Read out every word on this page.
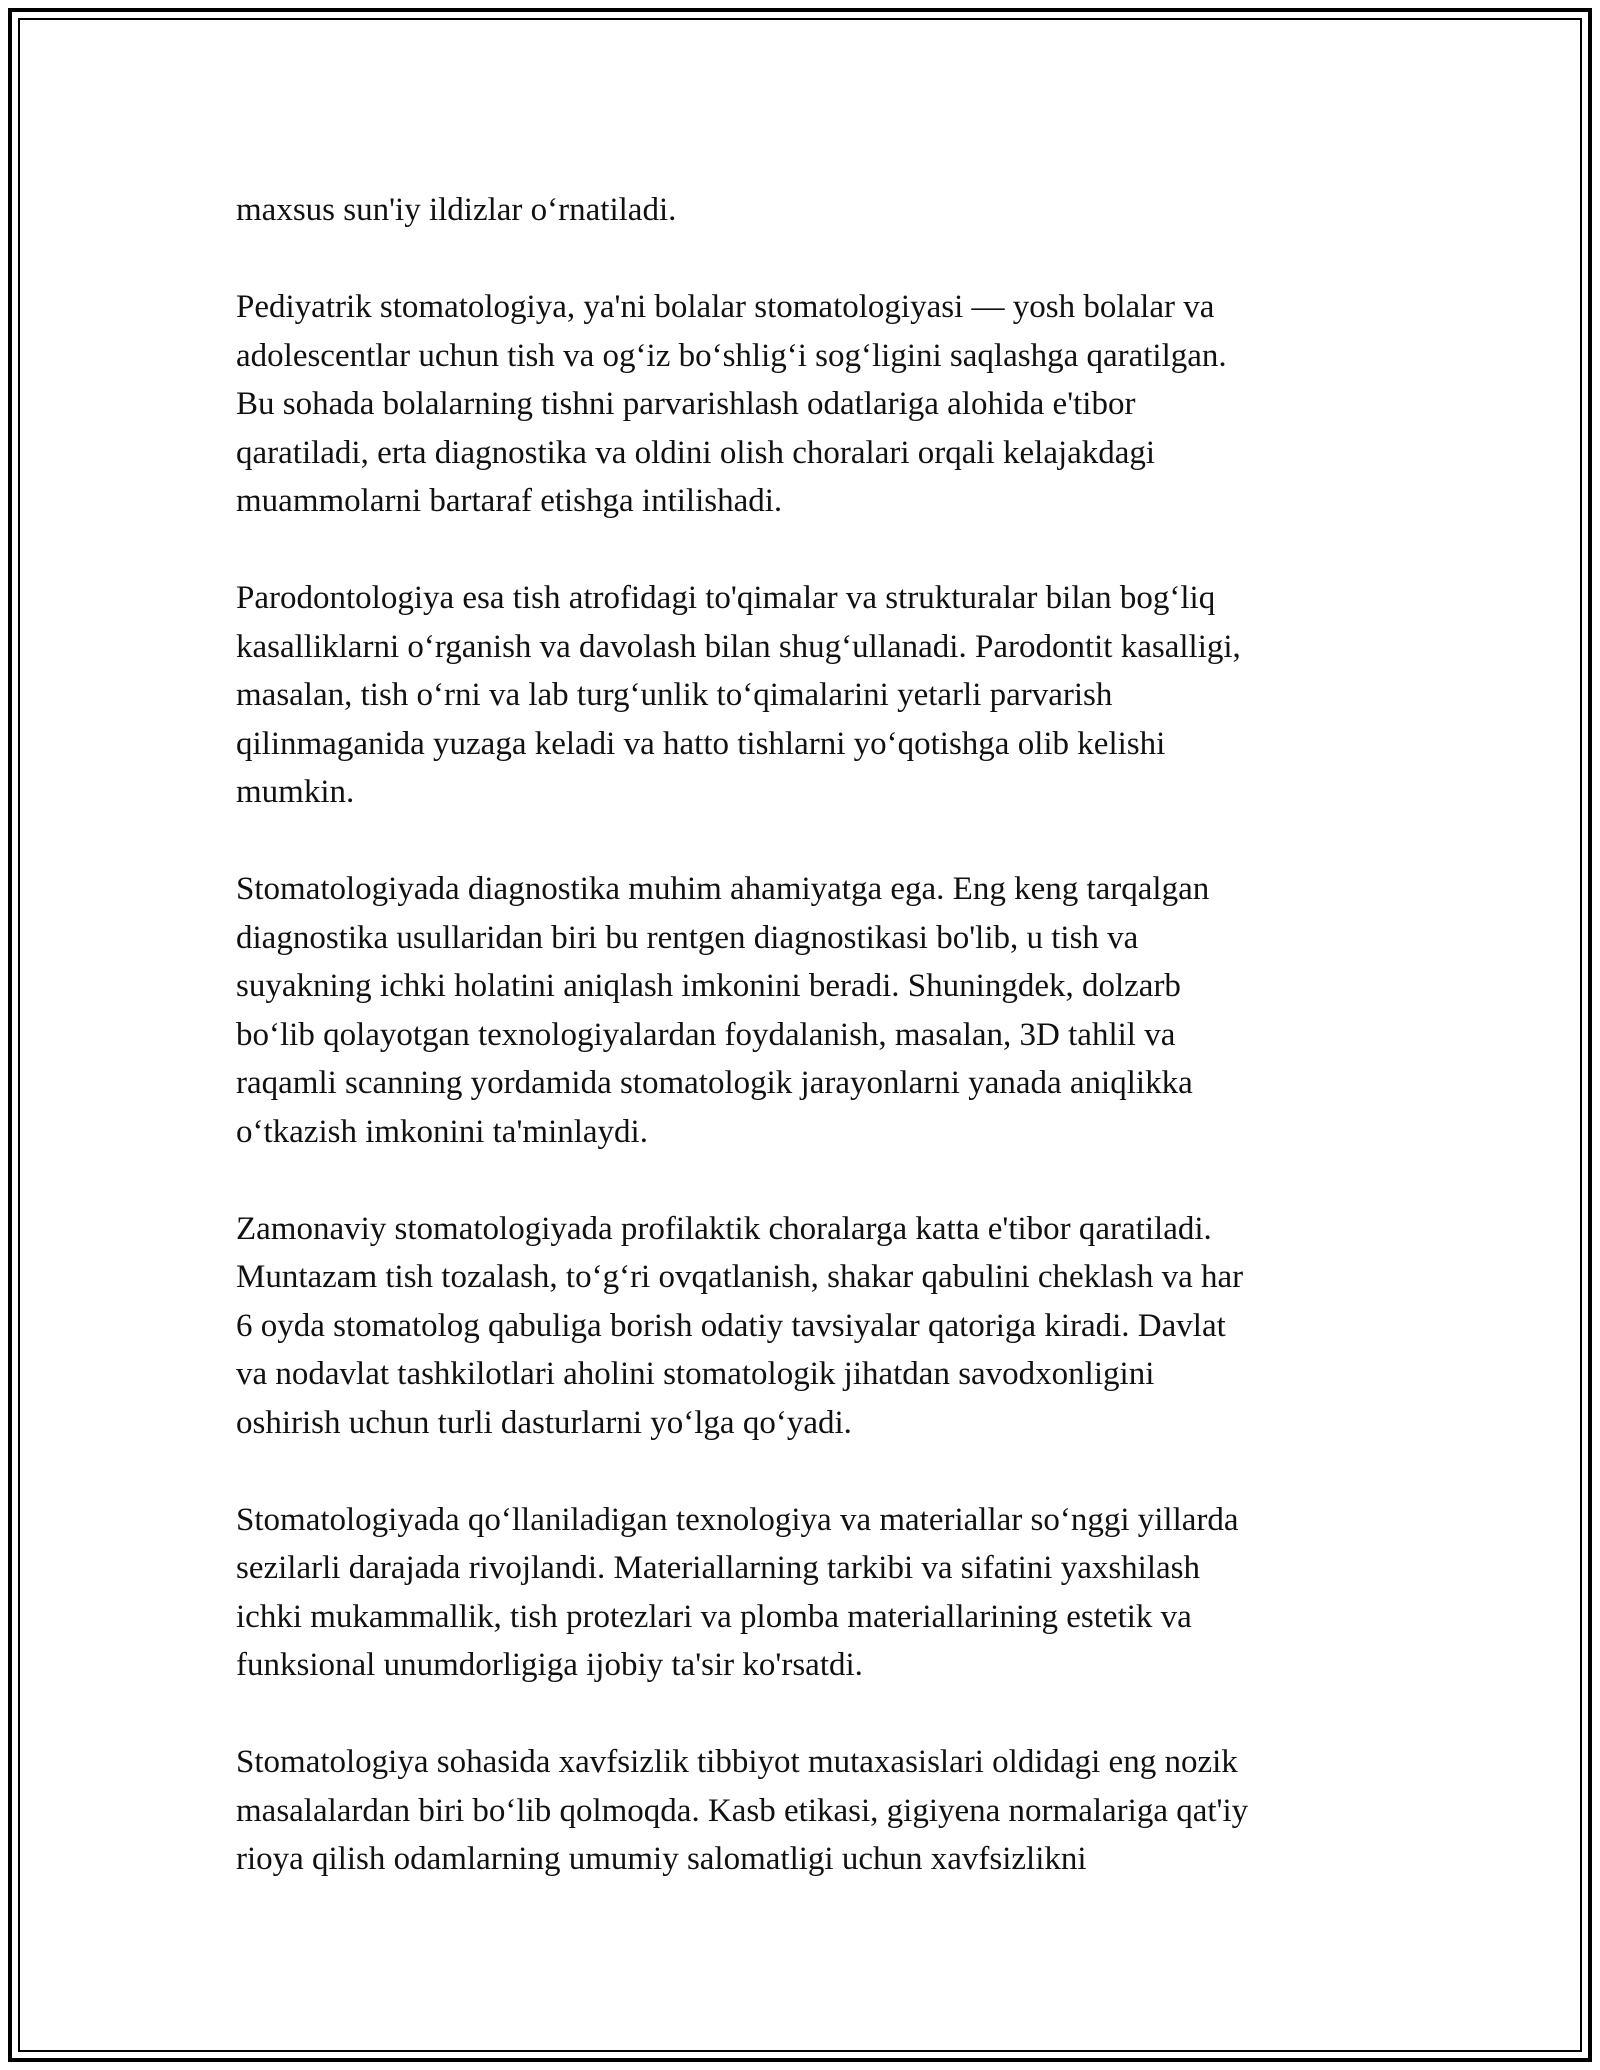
maxsus sun'iy ildizlar o‘rnatiladi.

Pediyatrik stomatologiya, ya'ni bolalar stomatologiyasi — yosh bolalar va
adolescentlar uchun tish va og‘iz bo‘shlig‘i sog‘ligini saqlashga qaratilgan.
Bu sohada bolalarning tishni parvarishlash odatlariga alohida e'tibor
qaratiladi, erta diagnostika va oldini olish choralari orqali kelajakdagi
muammolarni bartaraf etishga intilishadi.

Parodontologiya esa tish atrofidagi to'qimalar va strukturalar bilan bog‘liq
kasalliklarni o‘rganish va davolash bilan shug‘ullanadi. Parodontit kasalligi,
masalan, tish o‘rni va lab turg‘unlik to‘qimalarini yetarli parvarish
qilinmaganida yuzaga keladi va hatto tishlarni yo‘qotishga olib kelishi
mumkin.

Stomatologiyada diagnostika muhim ahamiyatga ega. Eng keng tarqalgan
diagnostika usullaridan biri bu rentgen diagnostikasi bo'lib, u tish va
suyakning ichki holatini aniqlash imkonini beradi. Shuningdek, dolzarb
bo‘lib qolayotgan texnologiyalardan foydalanish, masalan, 3D tahlil va
raqamli scanning yordamida stomatologik jarayonlarni yanada aniqlikka
o‘tkazish imkonini ta'minlaydi.

Zamonaviy stomatologiyada profilaktik choralarga katta e'tibor qaratiladi.
Muntazam tish tozalash, to‘g‘ri ovqatlanish, shakar qabulini cheklash va har
6 oyda stomatolog qabuliga borish odatiy tavsiyalar qatoriga kiradi. Davlat
va nodavlat tashkilotlari aholini stomatologik jihatdan savodxonligini
oshirish uchun turli dasturlarni yo‘lga qo‘yadi.

Stomatologiyada qo‘llaniladigan texnologiya va materiallar so‘nggi yillarda
sezilarli darajada rivojlandi. Materiallarning tarkibi va sifatini yaxshilash
ichki mukammallik, tish protezlari va plomba materiallarining estetik va
funksional unumdorligiga ijobiy ta'sir ko'rsatdi.

Stomatologiya sohasida xavfsizlik tibbiyot mutaxasislari oldidagi eng nozik
masalalardan biri bo‘lib qolmoqda. Kasb etikasi, gigiyena normalariga qat'iy
rioya qilish odamlarning umumiy salomatligi uchun xavfsizlikni
